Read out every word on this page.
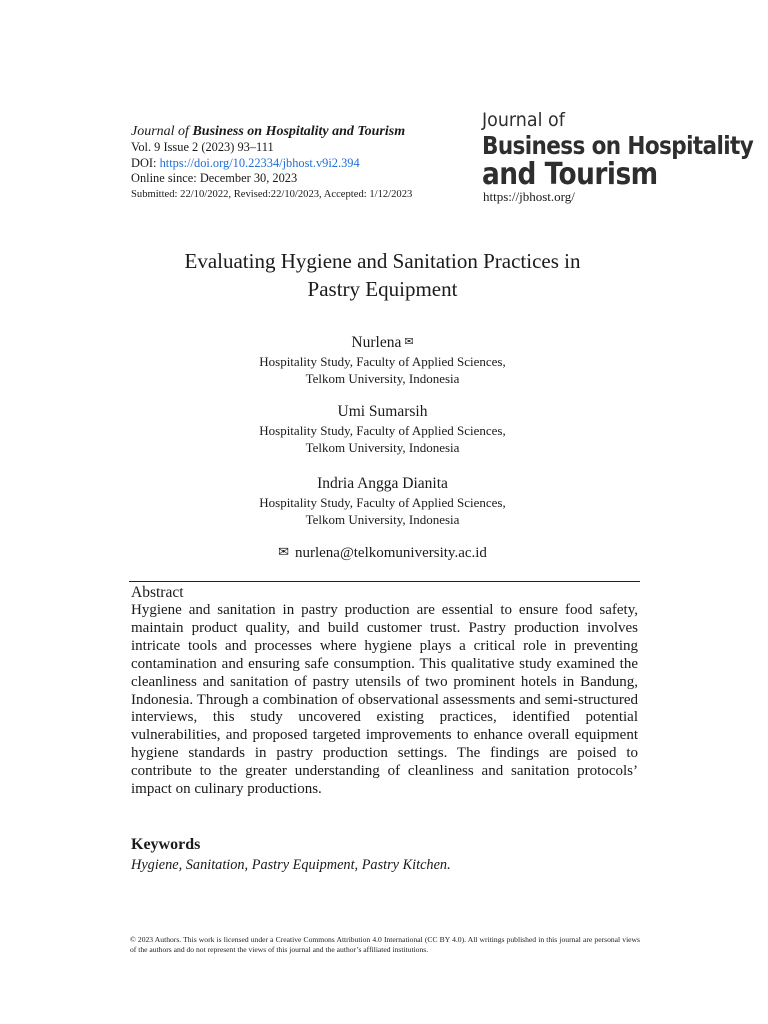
Journal of Business on Hospitality and Tourism
Vol. 9 Issue 2 (2023) 93–111
DOI: https://doi.org/10.22334/jbhost.v9i2.394
Online since: December 30, 2023
Submitted: 22/10/2022, Revised:22/10/2023, Accepted: 1/12/2023
Journal of
Business on Hospitality
and Tourism
https://jbhost.org/
Evaluating Hygiene and Sanitation Practices in
Pastry Equipment
Nurlena ✉
Hospitality Study, Faculty of Applied Sciences,
Telkom University, Indonesia
Umi Sumarsih
Hospitality Study, Faculty of Applied Sciences,
Telkom University, Indonesia
Indria Angga Dianita
Hospitality Study, Faculty of Applied Sciences,
Telkom University, Indonesia
✉ nurlena@telkomuniversity.ac.id
Abstract
Hygiene and sanitation in pastry production are essential to ensure food safety, maintain product quality, and build customer trust. Pastry production involves intricate tools and processes where hygiene plays a critical role in preventing contamination and ensuring safe consumption. This qualitative study examined the cleanliness and sanitation of pastry utensils of two prominent hotels in Bandung, Indonesia. Through a combination of observational assessments and semi-structured interviews, this study uncovered existing practices, identified potential vulnerabilities, and proposed targeted improvements to enhance overall equipment hygiene standards in pastry production settings. The findings are poised to contribute to the greater understanding of cleanliness and sanitation protocols’ impact on culinary productions.
Keywords
Hygiene, Sanitation, Pastry Equipment, Pastry Kitchen.
© 2023 Authors. This work is licensed under a Creative Commons Attribution 4.0 International (CC BY 4.0). All writings published in this journal are personal views of the authors and do not represent the views of this journal and the author’s affiliated institutions.
